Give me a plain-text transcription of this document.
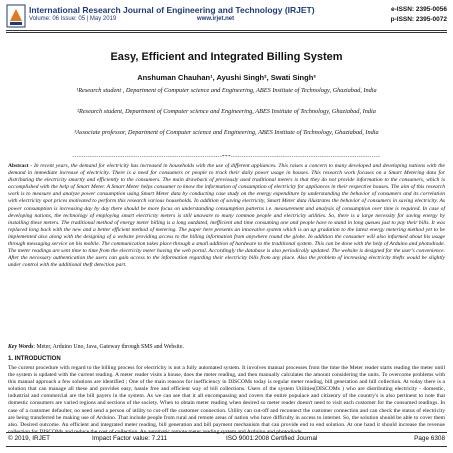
International Research Journal of Engineering and Technology (IRJET)
Volume: 06 Issue: 05 | May 2019	www.irjet.net
e-ISSN: 2395-0056
p-ISSN: 2395-0072
Easy, Efficient and Integrated Billing System
Anshuman Chauhan¹, Ayushi Singh², Swati Singh³
¹Research student , Department of Computer science and Engineering, ABES Institute of Technology, Ghaziabad, India
²Research student, Department of Computer science and Engineering, ABES Institute of Technology, Ghaziabad, India
³Associate professor, Department of Computer science and Engineering, ABES Institute of Technology, Ghaziabad, India
---------------------------------------------------------------------***---------------------------------------------------------------------
Abstract - In recent years, the demand for electricity has increased in households with the use of different appliances. This raises a concern to many developed and developing nations with the demand in immediate increase of electricity. There is a need for consumers or people to track their daily power usage in houses. This research work focuses on a Smart Metering data for distributing the electricity smartly and efficiently to the consumers. The main drawback of previously used traditional meters is that they do not provide information to the consumers, which is accomplished with the help of Smart Meter. A Smart Meter helps consumer to know the information of consumption of electricity for appliances in their respective houses. The aim of this research work is to measure and analyze power consumption using Smart Meter data by conducting case study on the energy expenditure by understanding the behavior of consumers and its correlation with electricity spot prices motivated to perform this research various households. In addition of saving electricity, Smart Meter data illustrates the behavior of consumers in saving electricity. As power consumption is increasing day by day there should be more focus on understanding consumption patterns i.e. measurement and analysis of consumption over time is required. In case of developing nations, the technology of employing smart electricity meters is still unaware to many common people and electricity utilities. So, there is a large necessity for saving energy by installing these meters. The traditional method of energy meter billing is a long outdated, inefficient and time consuming one and people have to stand in long queues just to pay their bills. It was replaced long back with the new and a better efficient method of metering. The paper here presents an innovative system which is an up gradation to the latest energy metering method yet to be implemented also along with the designing of a website providing access to the billing information from anywhere round the globe. In addition the consumer will also informed about his usage through messaging service on his mobile. The communication takes place through a small addition of hardware to the traditional system. This can be done with the help of Arduino and photodiode. The meter readings are sent time to time from the electricity meter having the web portal. Accordingly the database is also periodically updated. The website is designed for the user's convenience. After the necessary authentication the users can gain access to the information regarding their electricity bills from any place. Also the problem of increasing electricity thefts would be slightly under control with the additional theft detection part.
Key Words: Meter, Arduino Uno, Java, Gateway through SMS and Website.
1. INTRODUCTION
The current procedure with regard to the billing process for electricity is not a fully automated system. It involves manual processes from the time the Meter reader starts reading the meter until the system is updated with the current reading. A meter reader visits a house, does the meter reading, and then manually calculates the amount considering the units. To overcome problems with this manual approach a few solutions are identified ; One of the main reasons for inefficiency in DISCOMs today is regular meter reading, bill generation and bill collection. At today there is a solution that can manage all these and provides easy, hassle free and efficient way of bill collections. Users of the system Utilities(DISCOMs ) who are distributing electricity - domestic, industrial and commercial are the bill payers in the system. As we can see that it all encompassing and covers the entire populace and citizenry of the country's is also pertinent to note that domestic consumers are varied regions and sections of the society. When to obtain meter reading when desired so meter reader doesn't need to visit each customer for the consumed readings. In case of a customer defaulter, no need send a person of utility to cut-off the customer connection. Utility can cut-off and reconnect the customer connection and can check the status of electricity are being transferred be making use of Arduino. That include people from rural and remote areas of nation who have difficulty in access to internet. So, the solution should be able to cover them also. Desired outcome. An efficient and integrated meter reading, bill generation and bill payment mechanism that can provide end to end solution. At one hand it should increase the revenue collection for DISCOMs and reduce the cost of collection. An automatic remote meter reading system and Arduino and photodiode.
© 2019, IRJET	Impact Factor value: 7.211	ISO 9001:2008 Certified Journal	Page 6308
